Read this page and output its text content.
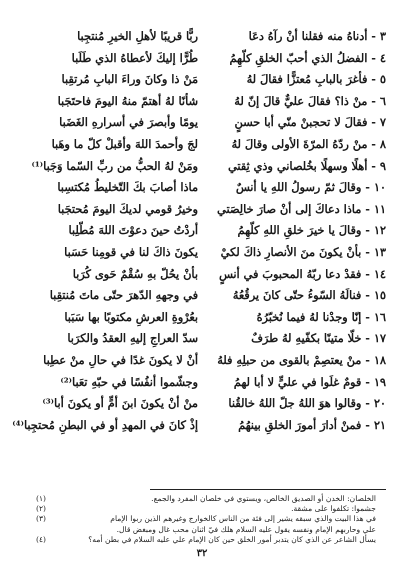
٣ - أدناهُ منه فقلنا أنْ رآهُ دعَا
ربًّا قريبًا لأهلِ الخيرِ مُنتجِبا
٤ - الفضلُ الذي أحبّ الخلقِ كلّهِمُ
طُرًّا إليكَ لأعطاهُ الذي طَلَبا
٥ - فأغرَ بالبابِ مُعتزًّا فقالَ لهُ
مَنْ ذا وكانَ وراءَ البابِ مُرتقِبا
٦ - منْ ذا؟ فقالَ عليٌّ قالَ إنّ لهُ
شأنًا لهُ أهتمّ منهُ اليومَ فاحتَجَبا
٧ - فقالَ لا تحجبنْ منّي أبا حسنٍ
يومًا وأبصرَ في أسرارهِ الغَضَبا
٨ - منْ ردّهُ المرّةَ الأولى وقالَ لهُ
لجَ وأحمدَ اللهَ وأقبلْ كلّ ما وهَبا
٩ - أهلًا وسهلًا بخُلصاني وذي ثِقتي
ومَنْ لهُ الحبُّ من ربِّ السّما وَجَبا⁽¹⁾
١٠ - وقالَ ثمّ رسولُ اللهِ يا أنسٌ
ماذا أصابَ بكَ التّخليطُ مُكتسِبا
١١ - ماذا دعاكَ إلى أنْ صارَ خالِصَتي
وخيرُ قومي لديكَ اليومَ مُحتجَبا
١٢ - وقالَ يا خيرَ خلقِ اللهِ كلّهِمُ
أردْتُ حينَ دعوْتَ اللهَ مُطّلِبا
١٣ - بأنْ يكونَ منَ الأنصارِ ذاكَ لكيْ
يكونَ ذاكَ لنا في قومِنا حَسَبا
١٤ - فقدْ دعا ربّهُ المحبوبَ في أنسٍ
بأنْ يحُلّ بهِ سُقْمٌ حَوى كُرَبا
١٥ - فنالَهُ السّوءُ حتّى كانَ يرقُعُهُ
في وجههِ الدّهرَ حتّى ماتَ مُنتقِبا
١٦ - إنّا وجدْنا لهُ فيما نُخبّرُهُ
بعُرْوةِ العرشِ مكتوبًا بها سَبَبا
١٧ - خلّا متينًا بكفّيهِ لهُ طرَفٌ
سدّ العراجِ إليهِ العقدُ والكرَبا
١٨ - منْ يعتصِمْ بالقوى من حبلِهِ فلهُ
أنْ لا يكونَ غدًا في حالِ منْ عطِبا
١٩ - قومٌ غلَوا في عليٍّ لا أبا لهمُ
وجشّموا أنفُسًا في حبّهِ تعَبا⁽²⁾
٢٠ - وقالوا هوَ اللهُ جلّ اللهُ خالقُنا
منْ أنْ يكونَ ابنَ أمٍّ أو يكونَ أبا⁽³⁾
٢١ - فمنْ أدارَ أمورَ الخلقِ بينهُمُ
إذْ كانَ في المهدِ أو في البطنِ مُحتجِبا⁽⁴⁾
الخلصان: الخدن أو الصديق الخالص، ويستوي في خلصان المفرد والجمع.
(١)
جشموا: تكلفوا على مشقة.
(٢)
في هذا البيت والذي سبقه يشير إلى فئة من الناس كالخوارج وغيرهم الذين ربوا الإمام
(٣)
علي وحاربهم الإمام ونفسه يقول عليه السلام هلك فيّ اثنان محب غال ومبغض قال.
يسأل الشاعر عن الذي كان يتدبر أمور الخلق حين كان الإمام علي عليه السلام في بطن أمه؟
(٤)
٣٢
